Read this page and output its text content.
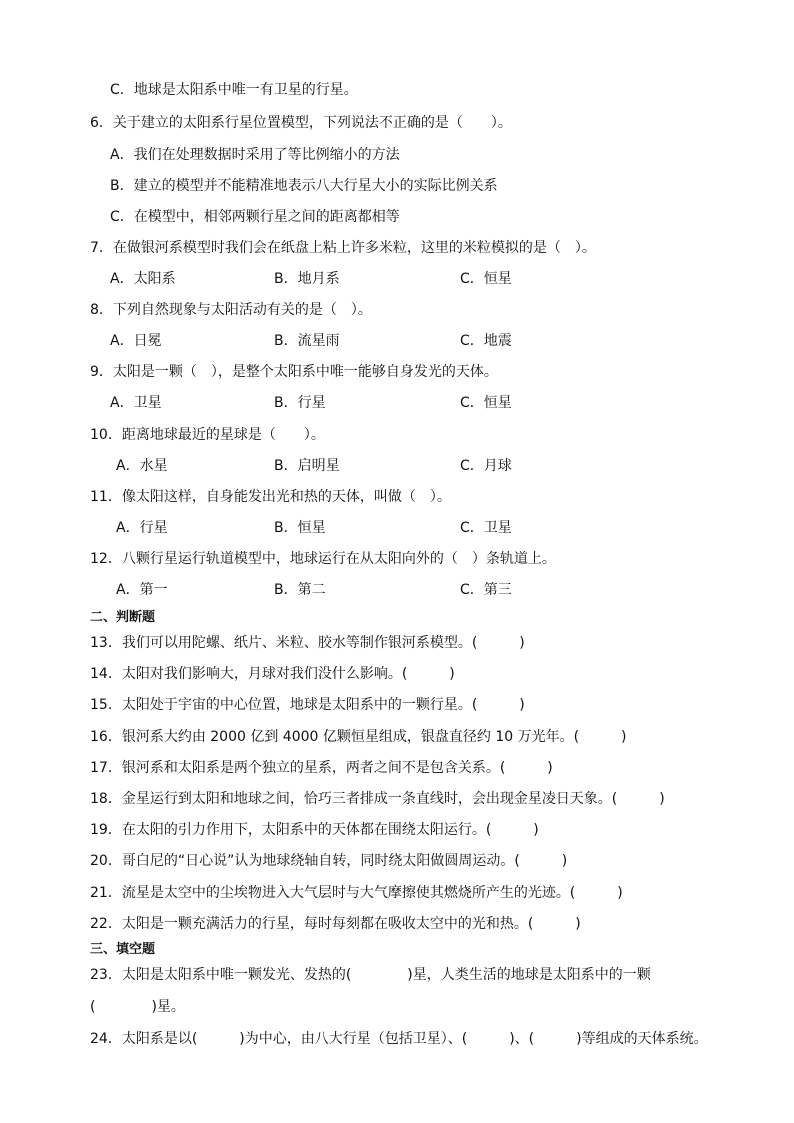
C．地球是太阳系中唯一有卫星的行星。
6．关于建立的太阳系行星位置模型，下列说法不正确的是（　　）。
A．我们在处理数据时采用了等比例缩小的方法
B．建立的模型并不能精准地表示八大行星大小的实际比例关系
C．在模型中，相邻两颗行星之间的距离都相等
7．在做银河系模型时我们会在纸盘上粘上许多米粒，这里的米粒模拟的是（　）。
A．太阳系	B．地月系	C．恒星
8．下列自然现象与太阳活动有关的是（　）。
A．日冕	B．流星雨	C．地震
9．太阳是一颗（　），是整个太阳系中唯一能够自身发光的天体。
A．卫星	B．行星	C．恒星
10．距离地球最近的星球是（　　）。
A．水星	B．启明星	C．月球
11．像太阳这样，自身能发出光和热的天体，叫做（　）。
A．行星	B．恒星	C．卫星
12．八颗行星运行轨道模型中，地球运行在从太阳向外的（　）条轨道上。
A．第一	B．第二	C．第三
二、判断题
13．我们可以用陀螺、纸片、米粒、胶水等制作银河系模型。(　　　)
14．太阳对我们影响大，月球对我们没什么影响。(　　　)
15．太阳处于宇宙的中心位置，地球是太阳系中的一颗行星。(　　　)
16．银河系大约由 2000 亿到 4000 亿颗恒星组成，银盘直径约 10 万光年。(　　　)
17．银河系和太阳系是两个独立的星系，两者之间不是包含关系。(　　　)
18．金星运行到太阳和地球之间，恰巧三者排成一条直线时，会出现金星凌日天象。(　　　)
19．在太阳的引力作用下，太阳系中的天体都在围绕太阳运行。(　　　)
20．哥白尼的“日心说”认为地球绕轴自转，同时绕太阳做圆周运动。(　　　)
21．流星是太空中的尘埃物进入大气层时与大气摩擦使其燃烧所产生的光迹。(　　　)
22．太阳是一颗充满活力的行星，每时每刻都在吸收太空中的光和热。(　　　)
三、填空题
23．太阳是太阳系中唯一颗发光、发热的(　　　　)星，人类生活的地球是太阳系中的一颗
(　　　　)星。
24．太阳系是以(　　　)为中心，由八大行星（包括卫星）、(　　　)、(　　　)等组成的天体系统。
